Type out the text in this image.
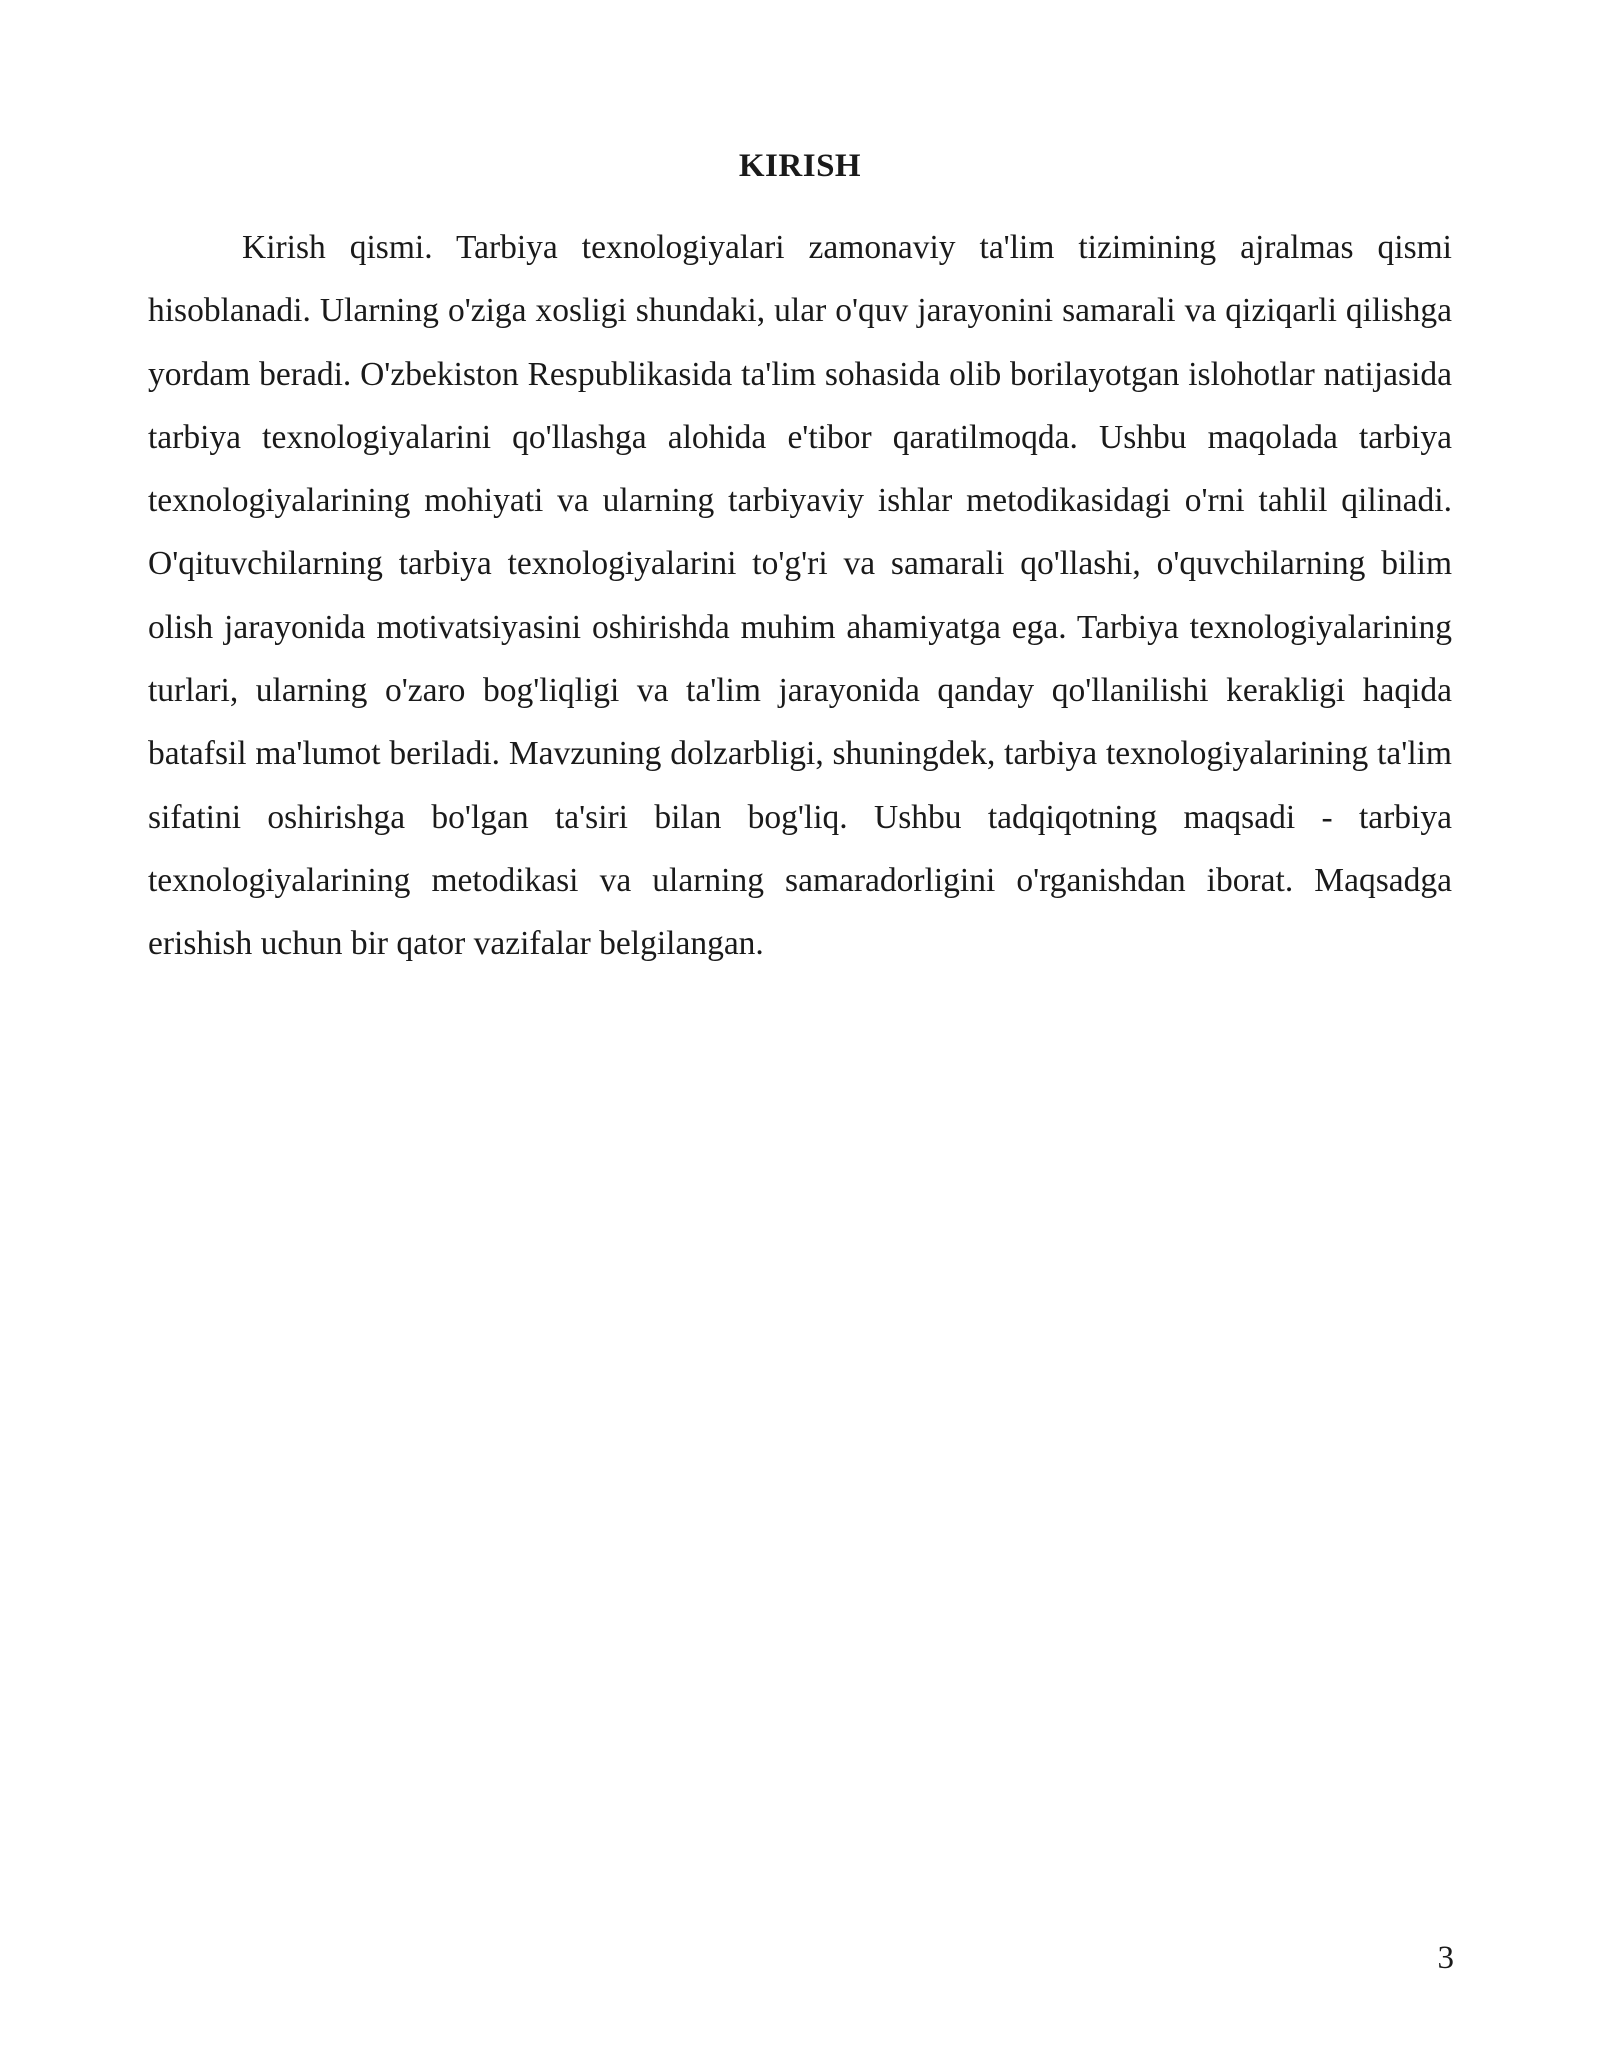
KIRISH

Kirish qismi. Tarbiya texnologiyalari zamonaviy ta'lim tizimining ajralmas qismi hisoblanadi. Ularning o'ziga xosligi shundaki, ular o'quv jarayonini samarali va qiziqarli qilishga yordam beradi. O'zbekiston Respublikasida ta'lim sohasida olib borilayotgan islohotlar natijasida tarbiya texnologiyalarini qo'llashga alohida e'tibor qaratilmoqda. Ushbu maqolada tarbiya texnologiyalarining mohiyati va ularning tarbiyaviy ishlar metodikasidagi o'rni tahlil qilinadi. O'qituvchilarning tarbiya texnologiyalarini to'g'ri va samarali qo'llashi, o'quvchilarning bilim olish jarayonida motivatsiyasini oshirishda muhim ahamiyatga ega. Tarbiya texnologiyalarining turlari, ularning o'zaro bog'liqligi va ta'lim jarayonida qanday qo'llanilishi kerakligi haqida batafsil ma'lumot beriladi. Mavzuning dolzarbligi, shuningdek, tarbiya texnologiyalarining ta'lim sifatini oshirishga bo'lgan ta'siri bilan bog'liq. Ushbu tadqiqotning maqsadi - tarbiya texnologiyalarining metodikasi va ularning samaradorligini o'rganishdan iborat. Maqsadga erishish uchun bir qator vazifalar belgilangan.

3
